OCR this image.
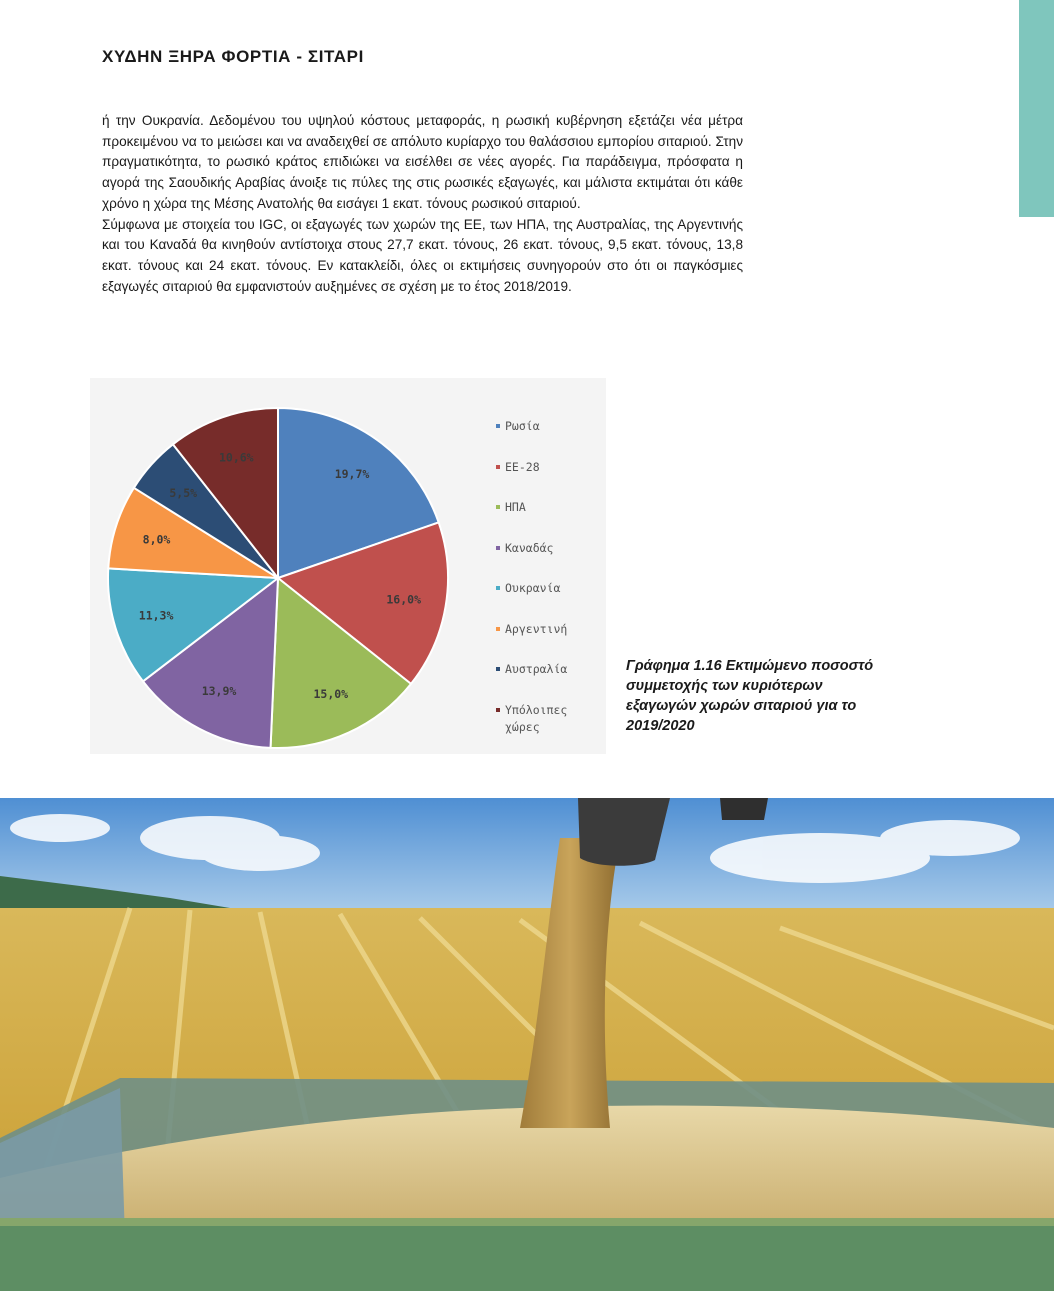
ΧΥΔΗΝ ΞΗΡΑ ΦΟΡΤΙΑ - ΣΙΤΑΡΙ

ή την Ουκρανία. Δεδομένου του υψηλού κόστους μεταφοράς, η ρωσική κυβέρνηση εξετάζει νέα μέτρα προκειμένου να το μειώσει και να αναδειχθεί σε απόλυτο κυρίαρχο του θαλάσσιου εμπορίου σιταριού. Στην πραγματικότητα, το ρωσικό κράτος επιδιώκει να εισέλθει σε νέες αγορές. Για παράδειγμα, πρόσφατα η αγορά της Σαουδικής Αραβίας άνοιξε τις πύλες της στις ρωσικές εξαγωγές, και μάλιστα εκτιμάται ότι κάθε χρόνο η χώρα της Μέσης Ανατολής θα εισάγει 1 εκατ. τόνους ρωσικού σιταριού.

Σύμφωνα με στοιχεία του IGC, οι εξαγωγές των χωρών της ΕΕ, των ΗΠΑ, της Αυστραλίας, της Αργεντινής και του Καναδά θα κινηθούν αντίστοιχα στους 27,7 εκατ. τόνους, 26 εκατ. τόνους, 9,5 εκατ. τόνους, 13,8 εκατ. τόνους και 24 εκατ. τόνους. Εν κατακλείδι, όλες οι εκτιμήσεις συνηγορούν στο ότι οι παγκόσμιες εξαγωγές σιταριού θα εμφανιστούν αυξημένες σε σχέση με το έτος 2018/2019.

19,7%
16,0%
15,0%
13,9%
11,3%
8,0%
5,5%
10,6%
Ρωσία
ΕΕ-28
ΗΠΑ
Καναδάς
Ουκρανία
Αργεντινή
Αυστραλία
Υπόλοιπες χώρες
Γράφημα 1.16 Εκτιμώμενο ποσοστό συμμετοχής των κυριότερων εξαγωγών χωρών σιταριού για το 2019/2020
